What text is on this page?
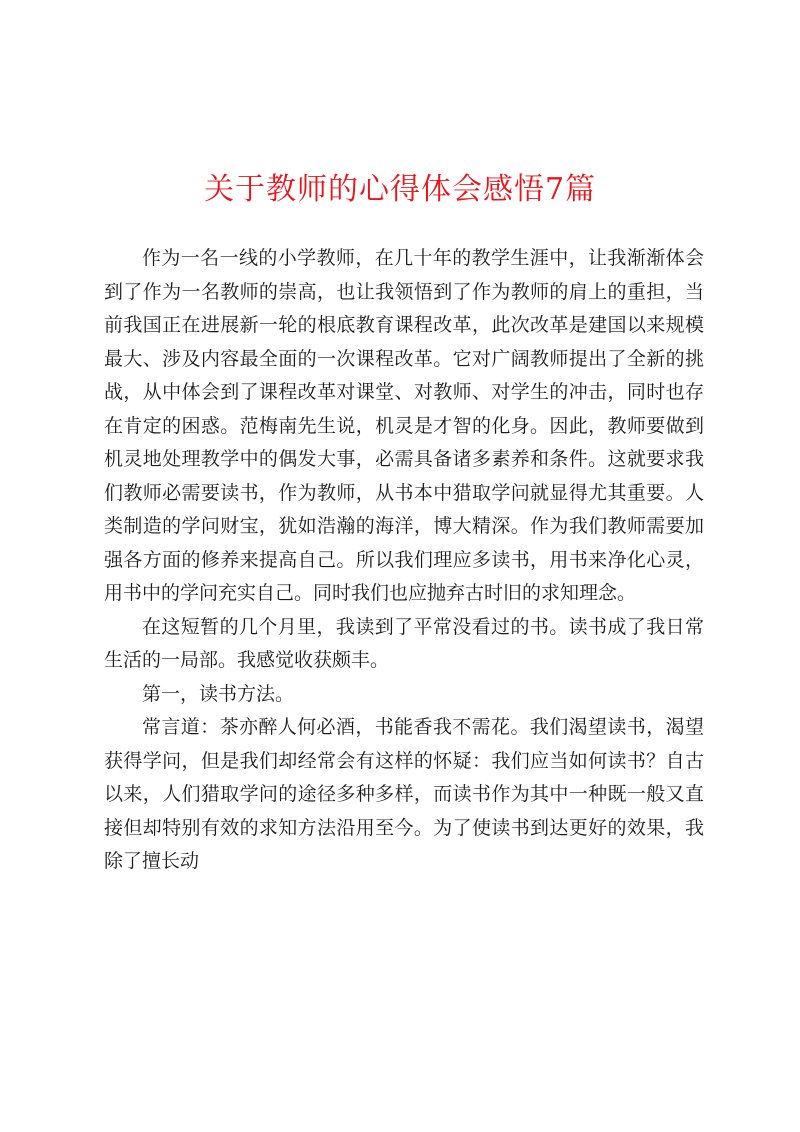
关于教师的心得体会感悟7篇

作为一名一线的小学教师，在几十年的教学生涯中，让我渐渐体会到了作为一名教师的崇高，也让我领悟到了作为教师的肩上的重担，当前我国正在进展新一轮的根底教育课程改革，此次改革是建国以来规模最大、涉及内容最全面的一次课程改革。它对广阔教师提出了全新的挑战，从中体会到了课程改革对课堂、对教师、对学生的冲击，同时也存在肯定的困惑。范梅南先生说，机灵是才智的化身。因此，教师要做到机灵地处理教学中的偶发大事，必需具备诸多素养和条件。这就要求我们教师必需要读书，作为教师，从书本中猎取学问就显得尤其重要。人类制造的学问财宝，犹如浩瀚的海洋，博大精深。作为我们教师需要加强各方面的修养来提高自己。所以我们理应多读书，用书来净化心灵，用书中的学问充实自己。同时我们也应抛弃古时旧的求知理念。

在这短暂的几个月里，我读到了平常没看过的书。读书成了我日常生活的一局部。我感觉收获颇丰。

第一，读书方法。

常言道：茶亦醉人何必酒，书能香我不需花。我们渴望读书，渴望获得学问，但是我们却经常会有这样的怀疑：我们应当如何读书？自古以来，人们猎取学问的途径多种多样，而读书作为其中一种既一般又直接但却特别有效的求知方法沿用至今。为了使读书到达更好的效果，我除了擅长动
